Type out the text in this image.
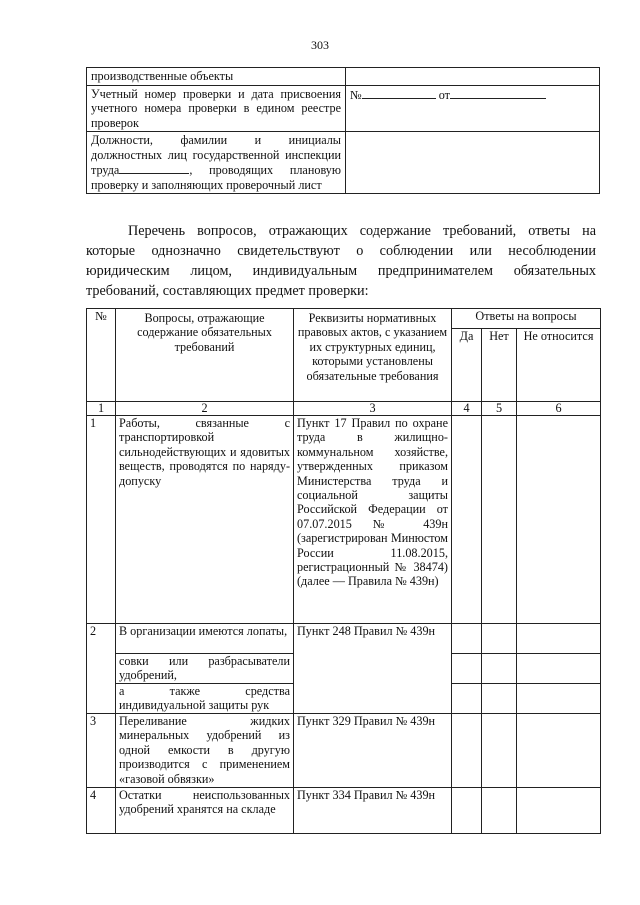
303
производственные объекты	
Учетный номер проверки и дата присвоения учетного номера проверки в едином реестре проверок	№ от
Должности, фамилии и инициалы должностных лиц государственной инспекции труда , проводящих плановую проверку и заполняющих проверочный лист	

Перечень вопросов, отражающих содержание требований, ответы на которые однозначно свидетельствуют о соблюдении или несоблюдении юридическим лицом, индивидуальным предпринимателем обязательных требований, составляющих предмет проверки:

№	Вопросы, отражающие содержание обязательных требований	Реквизиты нормативных правовых актов, с указанием их структурных единиц, которыми установлены обязательные требования	Ответы на вопросы		
			Да	Нет	Не относится
1	2	3	4	5	6
1	Работы, связанные с транспортировкой сильнодействующих и ядовитых веществ, проводятся по наряду-допуску	Пункт 17 Правил по охране труда в жилищно-коммунальном хозяйстве, утвержденных приказом Министерства труда и социальной защиты Российской Федерации от 07.07.2015 № 439н (зарегистрирован Минюстом России 11.08.2015, регистрационный № 38474) (далее — Правила № 439н)			
2	В организации имеются лопаты,	Пункт 248 Правил № 439н			
	совки или разбрасыватели удобрений,				
	а также средства индивидуальной защиты рук				
3	Переливание жидких минеральных удобрений из одной емкости в другую производится с применением «газовой обвязки»	Пункт 329 Правил № 439н			
4	Остатки неиспользованных удобрений хранятся на складе	Пункт 334 Правил № 439н			
